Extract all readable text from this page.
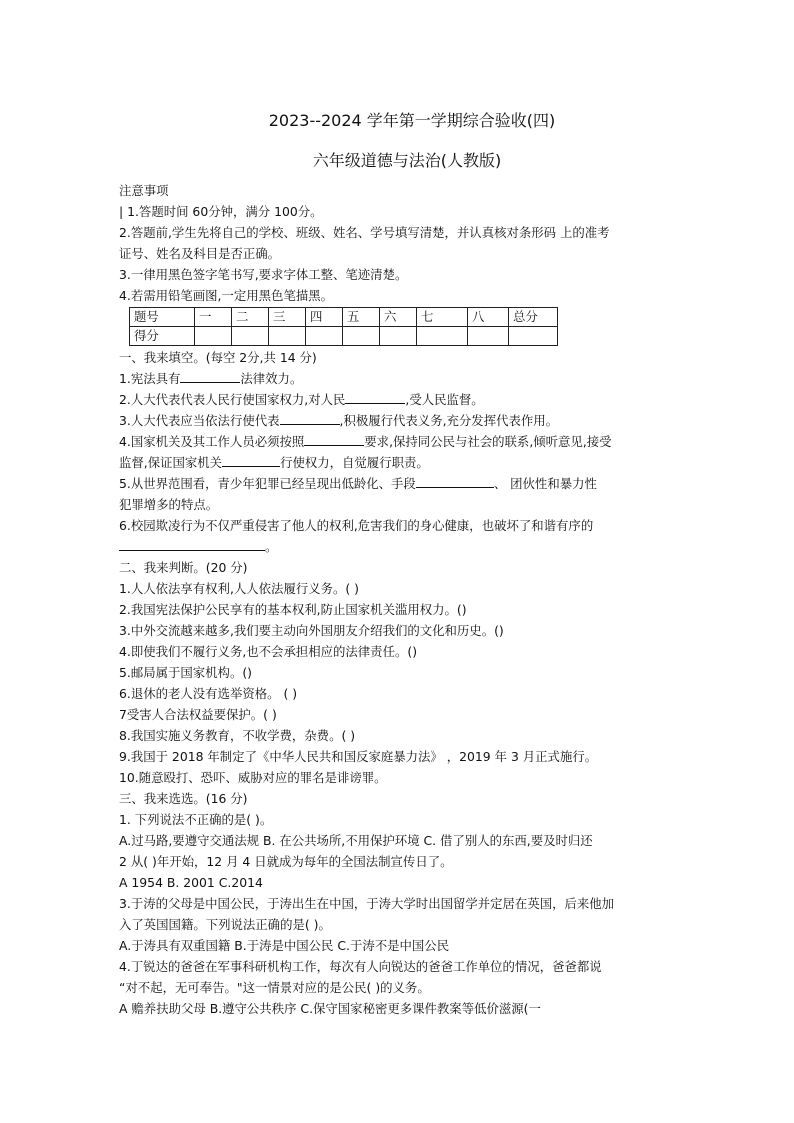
2023--2024 学年第一学期综合验收(四)
六年级道德与法治(人教版)
注意事项
| 1.答题时间 60分钟，满分 100分。
2.答题前,学生先将自己的学校、班级、姓名、学号填写清楚，并认真核对条形码 上的准考
证号、姓名及科目是否正确。
3.一律用黑色签字笔书写,要求字体工整、笔迹清楚。
4.若需用铅笔画图,一定用黑色笔描黑。
题号	一	二	三	四	五	六	七	八	总分
得分									
一、我来填空。(每空 2分,共 14 分)
1.宪法具有	法律效力。
2.人大代表代表人民行使国家权力,对人民	,受人民监督。
3.人大代表应当依法行使代表	,积极履行代表义务,充分发挥代表作用。
4.国家机关及其工作人员必须按照	要求,保持同公民与社会的联系,倾听意见,接受
监督,保证国家机关	行使权力，自觉履行职责。
5.从世界范围看，青少年犯罪已经呈现出低龄化、手段	、 团伙性和暴力性
犯罪增多的特点。
6.校园欺凌行为不仅严重侵害了他人的权利,危害我们的身心健康，也破坏了和谐有序的
。
二、我来判断。(20 分)
1.人人依法享有权利,人人依法履行义务。( )
2.我国宪法保护公民享有的基本权利,防止国家机关滥用权力。()
3.中外交流越来越多,我们要主动向外国朋友介绍我们的文化和历史。()
4.即使我们不履行义务,也不会承担相应的法律责任。()
5.邮局属于国家机构。()
6.退休的老人没有选举资格。 ( )
7受害人合法权益要保护。( )
8.我国实施义务教育，不收学费，杂费。( )
9.我国于 2018 年制定了《中华人民共和国反家庭暴力法》 ，2019 年 3 月正式施行。
10.随意殴打、恐吓、威胁对应的罪名是诽谤罪。
三、我来选选。(16 分)
1. 下列说法不正确的是( )。
A.过马路,要遵守交通法规 B. 在公共场所,不用保护环境 C. 借了别人的东西,要及时归还
2 从( )年开始，12 月 4 日就成为每年的全国法制宣传日了。
A 1954 B. 2001 C.2014
3.于涛的父母是中国公民，于涛出生在中国，于涛大学时出国留学并定居在英国，后来他加
入了英国国籍。下列说法正确的是( )。
A.于涛具有双重国籍 B.于涛是中国公民 C.于涛不是中国公民
4.丁锐达的爸爸在军事科研机构工作，每次有人向锐达的爸爸工作单位的情况，爸爸都说
“对不起，无可奉告。"这一情景对应的是公民( )的义务。
A 赡养扶助父母 B.遵守公共秩序 C.保守国家秘密更多课件教案等低价滋源(一
